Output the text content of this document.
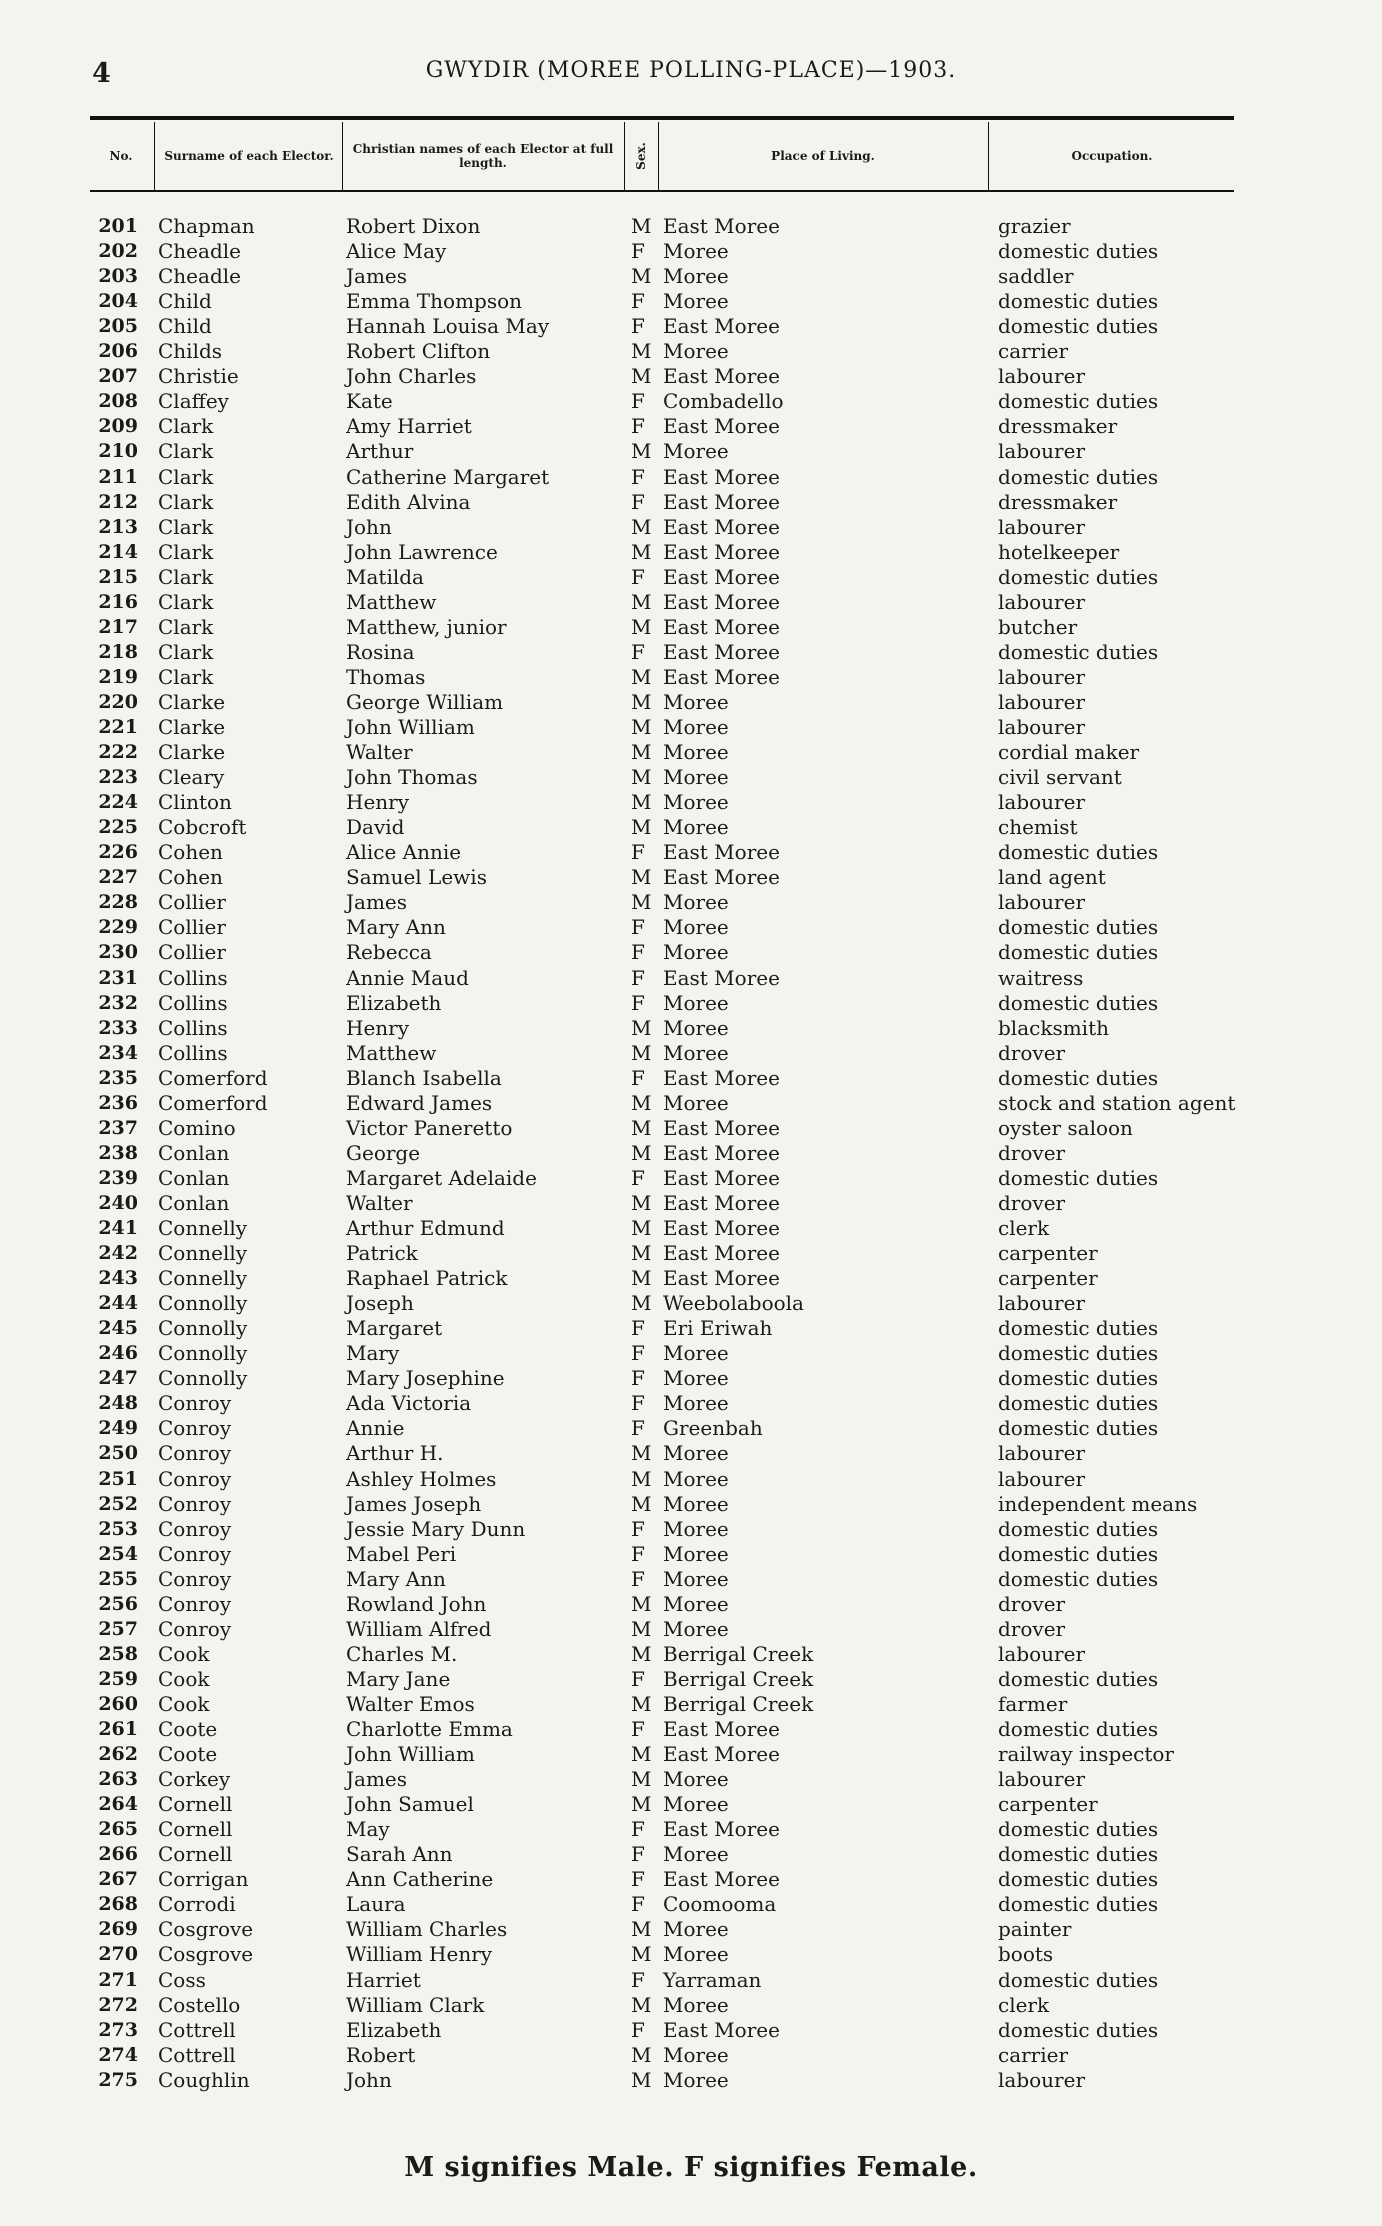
4	GWYDIR (MOREE POLLING-PLACE)—1903.
No.	Surname of each Elector.	Christian names of each Elector at full length.	Sex.	Place of Living.	Occupation.
201 Chapman	Robert Dixon	M East Moree	grazier
202 Cheadle	Alice May	F Moree	domestic duties
203 Cheadle	James	M Moree	saddler
204 Child	Emma Thompson	F Moree	domestic duties
205 Child	Hannah Louisa May	F East Moree	domestic duties
206 Childs	Robert Clifton	M Moree	carrier
207 Christie	John Charles	M East Moree	labourer
208 Claffey	Kate	F Combadello	domestic duties
209 Clark	Amy Harriet	F East Moree	dressmaker
210 Clark	Arthur	M Moree	labourer
211 Clark	Catherine Margaret	F East Moree	domestic duties
212 Clark	Edith Alvina	F East Moree	dressmaker
213 Clark	John	M East Moree	labourer
214 Clark	John Lawrence	M East Moree	hotelkeeper
215 Clark	Matilda	F East Moree	domestic duties
216 Clark	Matthew	M East Moree	labourer
217 Clark	Matthew, junior	M East Moree	butcher
218 Clark	Rosina	F East Moree	domestic duties
219 Clark	Thomas	M East Moree	labourer
220 Clarke	George William	M Moree	labourer
221 Clarke	John William	M Moree	labourer
222 Clarke	Walter	M Moree	cordial maker
223 Cleary	John Thomas	M Moree	civil servant
224 Clinton	Henry	M Moree	labourer
225 Cobcroft	David	M Moree	chemist
226 Cohen	Alice Annie	F East Moree	domestic duties
227 Cohen	Samuel Lewis	M East Moree	land agent
228 Collier	James	M Moree	labourer
229 Collier	Mary Ann	F Moree	domestic duties
230 Collier	Rebecca	F Moree	domestic duties
231 Collins	Annie Maud	F East Moree	waitress
232 Collins	Elizabeth	F Moree	domestic duties
233 Collins	Henry	M Moree	blacksmith
234 Collins	Matthew	M Moree	drover
235 Comerford	Blanch Isabella	F East Moree	domestic duties
236 Comerford	Edward James	M Moree	stock and station agent
237 Comino	Victor Paneretto	M East Moree	oyster saloon
238 Conlan	George	M East Moree	drover
239 Conlan	Margaret Adelaide	F East Moree	domestic duties
240 Conlan	Walter	M East Moree	drover
241 Connelly	Arthur Edmund	M East Moree	clerk
242 Connelly	Patrick	M East Moree	carpenter
243 Connelly	Raphael Patrick	M East Moree	carpenter
244 Connolly	Joseph	M Weebolaboola	labourer
245 Connolly	Margaret	F Eri Eriwah	domestic duties
246 Connolly	Mary	F Moree	domestic duties
247 Connolly	Mary Josephine	F Moree	domestic duties
248 Conroy	Ada Victoria	F Moree	domestic duties
249 Conroy	Annie	F Greenbah	domestic duties
250 Conroy	Arthur H.	M Moree	labourer
251 Conroy	Ashley Holmes	M Moree	labourer
252 Conroy	James Joseph	M Moree	independent means
253 Conroy	Jessie Mary Dunn	F Moree	domestic duties
254 Conroy	Mabel Peri	F Moree	domestic duties
255 Conroy	Mary Ann	F Moree	domestic duties
256 Conroy	Rowland John	M Moree	drover
257 Conroy	William Alfred	M Moree	drover
258 Cook	Charles M.	M Berrigal Creek	labourer
259 Cook	Mary Jane	F Berrigal Creek	domestic duties
260 Cook	Walter Emos	M Berrigal Creek	farmer
261 Coote	Charlotte Emma	F East Moree	domestic duties
262 Coote	John William	M East Moree	railway inspector
263 Corkey	James	M Moree	labourer
264 Cornell	John Samuel	M Moree	carpenter
265 Cornell	May	F East Moree	domestic duties
266 Cornell	Sarah Ann	F Moree	domestic duties
267 Corrigan	Ann Catherine	F East Moree	domestic duties
268 Corrodi	Laura	F Coomooma	domestic duties
269 Cosgrove	William Charles	M Moree	painter
270 Cosgrove	William Henry	M Moree	boots
271 Coss	Harriet	F Yarraman	domestic duties
272 Costello	William Clark	M Moree	clerk
273 Cottrell	Elizabeth	F East Moree	domestic duties
274 Cottrell	Robert	M Moree	carrier
275 Coughlin	John	M Moree	labourer
M signifies Male. F signifies Female.
